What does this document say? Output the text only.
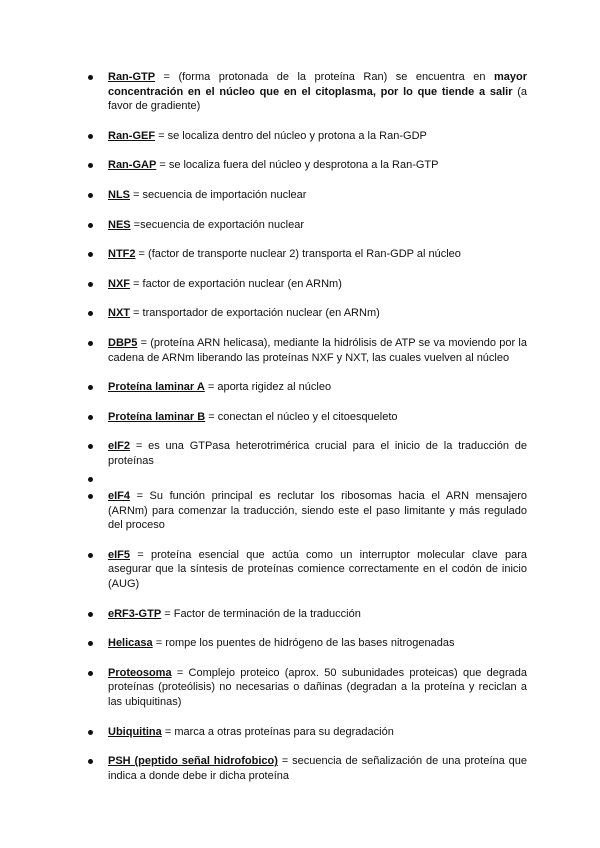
Ran-GTP = (forma protonada de la proteína Ran) se encuentra en mayor concentración en el núcleo que en el citoplasma, por lo que tiende a salir (a favor de gradiente)
Ran-GEF = se localiza dentro del núcleo y protona a la Ran-GDP
Ran-GAP = se localiza fuera del núcleo y desprotona a la Ran-GTP
NLS = secuencia de importación nuclear
NES =secuencia de exportación nuclear
NTF2 = (factor de transporte nuclear 2) transporta el Ran-GDP al núcleo
NXF = factor de exportación nuclear (en ARNm)
NXT = transportador de exportación nuclear (en ARNm)
DBP5 = (proteína ARN helicasa), mediante la hidrólisis de ATP se va moviendo por la cadena de ARNm liberando las proteínas NXF y NXT, las cuales vuelven al núcleo
Proteína laminar A = aporta rigidez al núcleo
Proteína laminar B = conectan el núcleo y el citoesqueleto
eIF2 = es una GTPasa heterotrimérica crucial para el inicio de la traducción de proteínas
eIF4 = Su función principal es reclutar los ribosomas hacia el ARN mensajero (ARNm) para comenzar la traducción, siendo este el paso limitante y más regulado del proceso
eIF5 = proteína esencial que actúa como un interruptor molecular clave para asegurar que la síntesis de proteínas comience correctamente en el codón de inicio (AUG)
eRF3-GTP = Factor de terminación de la traducción
Helicasa = rompe los puentes de hidrógeno de las bases nitrogenadas
Proteosoma = Complejo proteico (aprox. 50 subunidades proteicas) que degrada proteínas (proteólisis) no necesarias o dañinas (degradan a la proteína y reciclan a las ubiquitinas)
Ubiquitina = marca a otras proteínas para su degradación
PSH (peptido señal hidrofobico) = secuencia de señalización de una proteína que indica a donde debe ir dicha proteína
